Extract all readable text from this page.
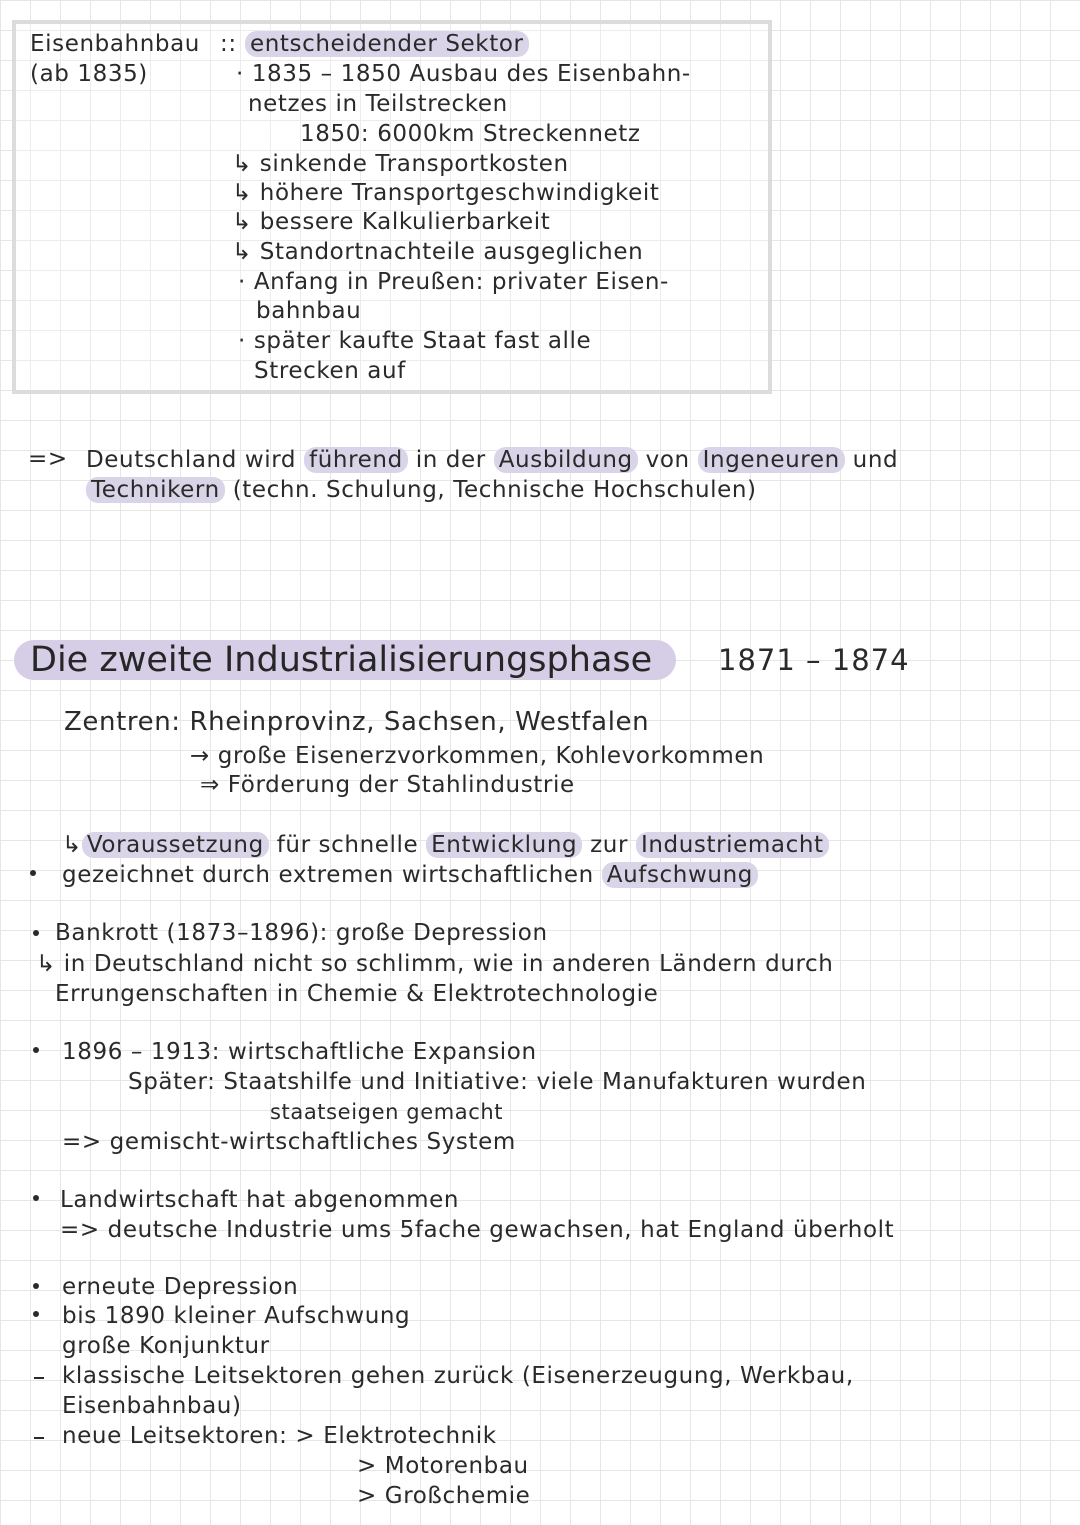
Eisenbahnbau
(ab 1835)
:: entscheidender Sektor
· 1835 – 1850 Ausbau des Eisenbahn-
netzes in Teilstrecken
1850: 6000km Streckennetz
↳ sinkende Transportkosten
↳ höhere Transportgeschwindigkeit
↳ bessere Kalkulierbarkeit
↳ Standortnachteile ausgeglichen
· Anfang in Preußen: privater Eisen-
bahnbau
· später kaufte Staat fast alle
Strecken auf
=> Deutschland wird führend in der Ausbildung von Ingeneuren und
Technikern (techn. Schulung, Technische Hochschulen)
Die zweite Industrialisierungsphase	1871 – 1874
Zentren: Rheinprovinz, Sachsen, Westfalen
→ große Eisenerzvorkommen, Kohlevorkommen
⇒ Förderung der Stahlindustrie
↳ Voraussetzung für schnelle Entwicklung zur Industriemacht
gezeichnet durch extremen wirtschaftlichen Aufschwung
Bankrott (1873–1896): große Depression
↳ in Deutschland nicht so schlimm, wie in anderen Ländern durch
Errungenschaften in Chemie & Elektrotechnologie
1896 – 1913: wirtschaftliche Expansion
Später: Staatshilfe und Initiative: viele Manufakturen wurden
staatseigen gemacht
=> gemischt-wirtschaftliches System
Landwirtschaft hat abgenommen
=> deutsche Industrie ums 5fache gewachsen, hat England überholt
erneute Depression
bis 1890 kleiner Aufschwung
große Konjunktur
klassische Leitsektoren gehen zurück (Eisenerzeugung, Werkbau,
Eisenbahnbau)
neue Leitsektoren: > Elektrotechnik
> Motorenbau
> Großchemie
